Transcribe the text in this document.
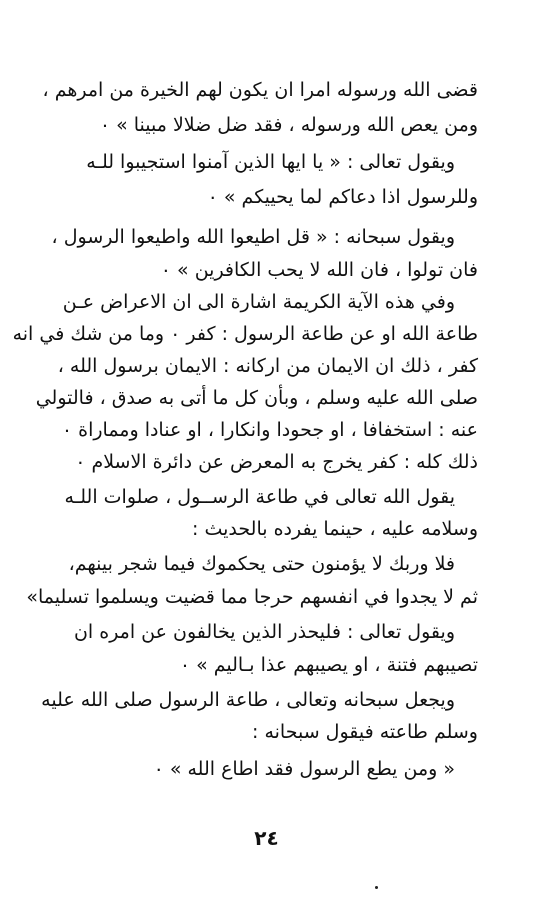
قضى الله ورسوله امرا ان يكون لهم الخيرة من امرهم ،
ومن يعص الله ورسوله ، فقد ضل ضلالا مبينا » ٠
ويقول تعالى : « يا ايها الذين آمنوا استجيبوا للـه
وللرسول اذا دعاكم لما يحييكم » ٠
ويقول سبحانه : « قل اطيعوا الله واطيعوا الرسول ،
فان تولوا ، فان الله لا يحب الكافرين » ٠
وفي هذه الآية الكريمة اشارة الى ان الاعراض عـن
طاعة الله او عن طاعة الرسول : كفر ٠ وما من شك في انه
كفر ، ذلك ان الايمان من اركانه : الايمان برسول الله ،
صلى الله عليه وسلم ، وبأن كل ما أتى به صدق ، فالتولي
عنه : استخفافا ، او جحودا وانكارا ، او عنادا ومماراة ٠
ذلك كله : كفر يخرج به المعرض عن دائرة الاسلام ٠
يقول الله تعالى في طاعة الرســول ، صلوات اللـه
وسلامه عليه ، حينما يفرده بالحديث :
فلا وربك لا يؤمنون حتى يحكموك فيما شجر بينهم،
ثم لا يجدوا في انفسهم حرجا مما قضيت ويسلموا تسليما»
ويقول تعالى : فليحذر الذين يخالفون عن امره ان
تصيبهم فتنة ، او يصيبهم عذا بـاليم » ٠
ويجعل سبحانه وتعالى ، طاعة الرسول صلى الله عليه
وسلم طاعته فيقول سبحانه :
« ومن يطع الرسول فقد اطاع الله » ٠
٢٤
